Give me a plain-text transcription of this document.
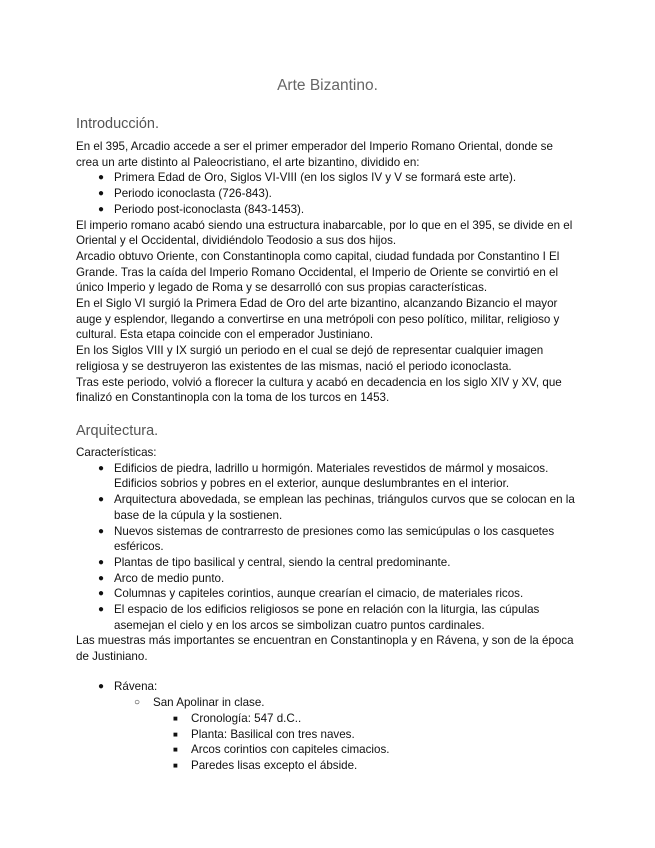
Arte Bizantino.
Introducción.

En el 395, Arcadio accede a ser el primer emperador del Imperio Romano Oriental, donde se crea un arte distinto al Paleocristiano, el arte bizantino, dividido en:

● Primera Edad de Oro, Siglos VI-VIII (en los siglos IV y V se formará este arte).
● Periodo iconoclasta (726-843).
● Periodo post-iconoclasta (843-1453).

El imperio romano acabó siendo una estructura inabarcable, por lo que en el 395, se divide en el Oriental y el Occidental, dividiéndolo Teodosio a sus dos hijos.

Arcadio obtuvo Oriente, con Constantinopla como capital, ciudad fundada por Constantino I El Grande. Tras la caída del Imperio Romano Occidental, el Imperio de Oriente se convirtió en el único Imperio y legado de Roma y se desarrolló con sus propias características.

En el Siglo VI surgió la Primera Edad de Oro del arte bizantino, alcanzando Bizancio el mayor auge y esplendor, llegando a convertirse en una metrópoli con peso político, militar, religioso y cultural. Esta etapa coincide con el emperador Justiniano.

En los Siglos VIII y IX surgió un periodo en el cual se dejó de representar cualquier imagen religiosa y se destruyeron las existentes de las mismas, nació el periodo iconoclasta.

Tras este periodo, volvió a florecer la cultura y acabó en decadencia en los siglo XIV y XV, que finalizó en Constantinopla con la toma de los turcos en 1453.

Arquitectura.

Características:

● Edificios de piedra, ladrillo u hormigón. Materiales revestidos de mármol y mosaicos. Edificios sobrios y pobres en el exterior, aunque deslumbrantes en el interior.
● Arquitectura abovedada, se emplean las pechinas, triángulos curvos que se colocan en la base de la cúpula y la sostienen.
● Nuevos sistemas de contrarresto de presiones como las semicúpulas o los casquetes esféricos.
● Plantas de tipo basilical y central, siendo la central predominante.
● Arco de medio punto.
● Columnas y capiteles corintios, aunque crearían el cimacio, de materiales ricos.
● El espacio de los edificios religiosos se pone en relación con la liturgia, las cúpulas asemejan el cielo y en los arcos se simbolizan cuatro puntos cardinales.

Las muestras más importantes se encuentran en Constantinopla y en Rávena, y son de la época de Justiniano.

● Rávena:
○ San Apolinar in clase.
■ Cronología: 547 d.C..
■ Planta: Basilical con tres naves.
■ Arcos corintios con capiteles cimacios.
■ Paredes lisas excepto el ábside.
